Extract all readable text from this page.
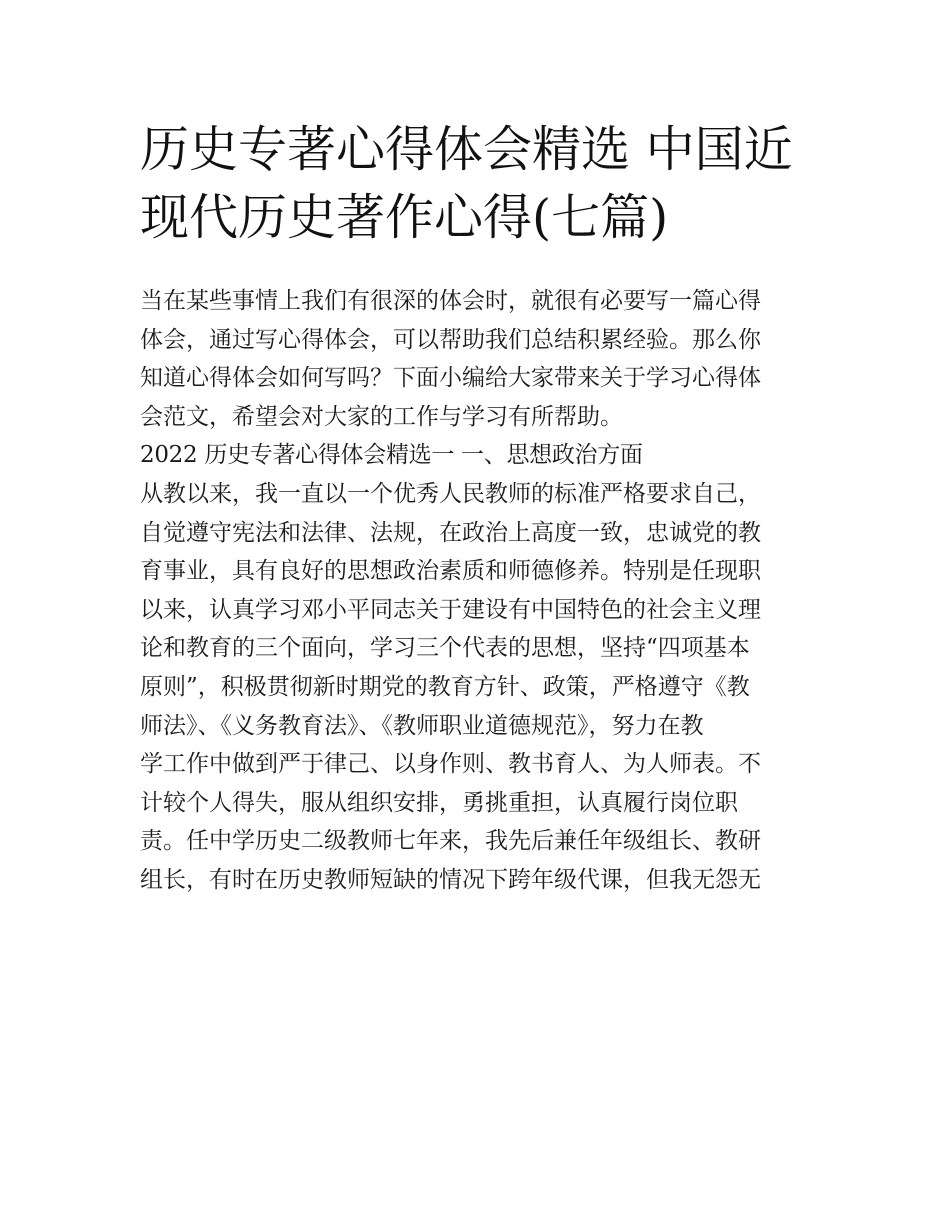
历史专著心得体会精选 中国近
现代历史著作心得(七篇)
当在某些事情上我们有很深的体会时，就很有必要写一篇心得
体会，通过写心得体会，可以帮助我们总结积累经验。那么你
知道心得体会如何写吗？下面小编给大家带来关于学习心得体
会范文，希望会对大家的工作与学习有所帮助。
2022 历史专著心得体会精选一 一、思想政治方面
从教以来，我一直以一个优秀人民教师的标准严格要求自己，
自觉遵守宪法和法律、法规，在政治上高度一致，忠诚党的教
育事业，具有良好的思想政治素质和师德修养。特别是任现职
以来，认真学习邓小平同志关于建设有中国特色的社会主义理
论和教育的三个面向，学习三个代表的思想，坚持“四项基本
原则”，积极贯彻新时期党的教育方针、政策，严格遵守《教
师法》、《义务教育法》、《教师职业道德规范》，努力在教
学工作中做到严于律己、以身作则、教书育人、为人师表。不
计较个人得失，服从组织安排，勇挑重担，认真履行岗位职
责。任中学历史二级教师七年来，我先后兼任年级组长、教研
组长，有时在历史教师短缺的情况下跨年级代课，但我无怨无
